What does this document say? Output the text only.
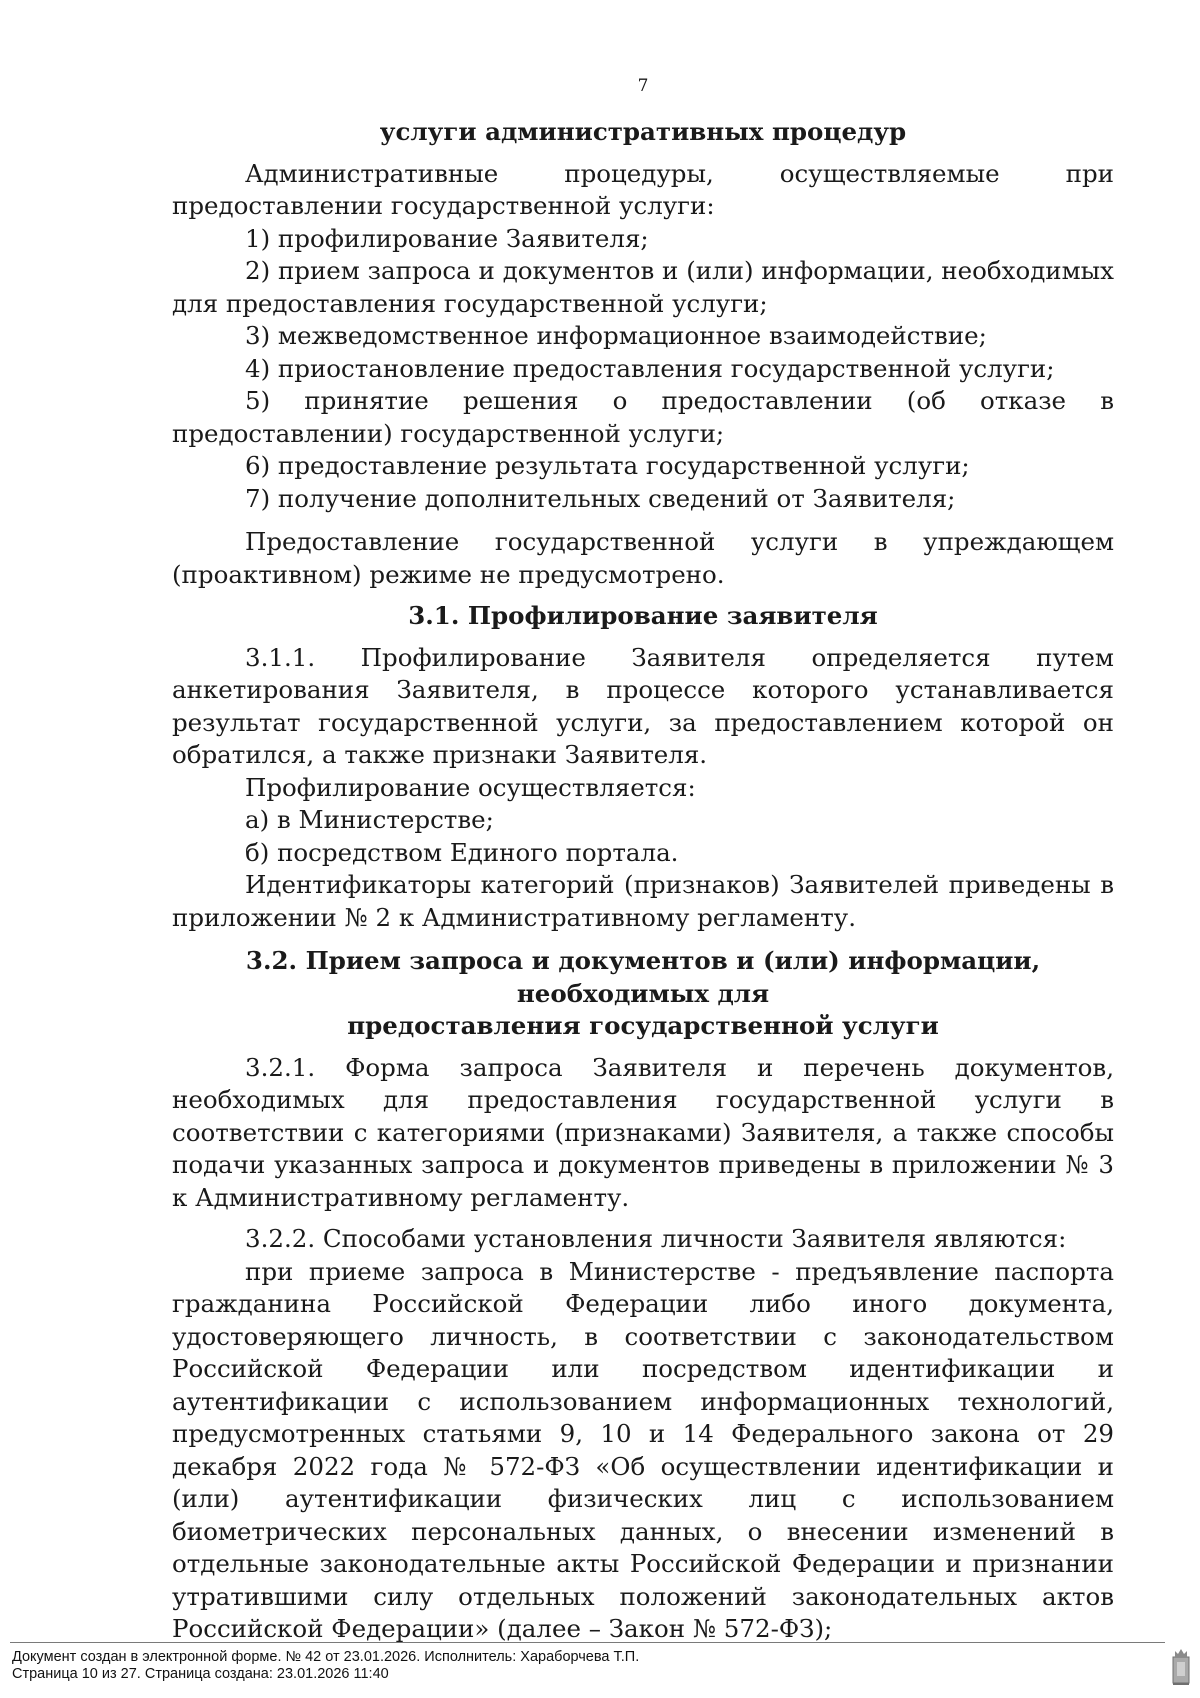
7

услуги административных процедур

Административные процедуры, осуществляемые при предоставлении государственной услуги:

1) профилирование Заявителя;

2) прием запроса и документов и (или) информации, необходимых для предоставления государственной услуги;

3) межведомственное информационное взаимодействие;

4) приостановление предоставления государственной услуги;

5) принятие решения о предоставлении (об отказе в предоставлении) государственной услуги;

6) предоставление результата государственной услуги;

7) получение дополнительных сведений от Заявителя;

Предоставление государственной услуги в упреждающем (проактивном) режиме не предусмотрено.

3.1. Профилирование заявителя

3.1.1. Профилирование Заявителя определяется путем анкетирования Заявителя, в процессе которого устанавливается результат государственной услуги, за предоставлением которой он обратился, а также признаки Заявителя.

Профилирование осуществляется:

а) в Министерстве;

б) посредством Единого портала.

Идентификаторы категорий (признаков) Заявителей приведены в приложении № 2 к Административному регламенту.

3.2. Прием запроса и документов и (или) информации, необходимых для

предоставления государственной услуги

3.2.1. Форма запроса Заявителя и перечень документов, необходимых для предоставления государственной услуги в соответствии с категориями (признаками) Заявителя, а также способы подачи указанных запроса и документов приведены в приложении № 3 к Административному регламенту.

3.2.2. Способами установления личности Заявителя являются:

при приеме запроса в Министерстве - предъявление паспорта гражданина Российской Федерации либо иного документа, удостоверяющего личность, в соответствии с законодательством Российской Федерации или посредством идентификации и аутентификации с использованием информационных технологий, предусмотренных статьями 9, 10 и 14 Федерального закона от 29 декабря 2022 года № 572-ФЗ «Об осуществлении идентификации и (или) аутентификации физических лиц с использованием биометрических персональных данных, о внесении изменений в отдельные законодательные акты Российской Федерации и признании утратившими силу отдельных положений законодательных актов Российской Федерации» (далее – Закон № 572-ФЗ);

Документ создан в электронной форме. № 42 от 23.01.2026. Исполнитель: Хараборчева Т.П.
Страница 10 из 27. Страница создана: 23.01.2026 11:40
